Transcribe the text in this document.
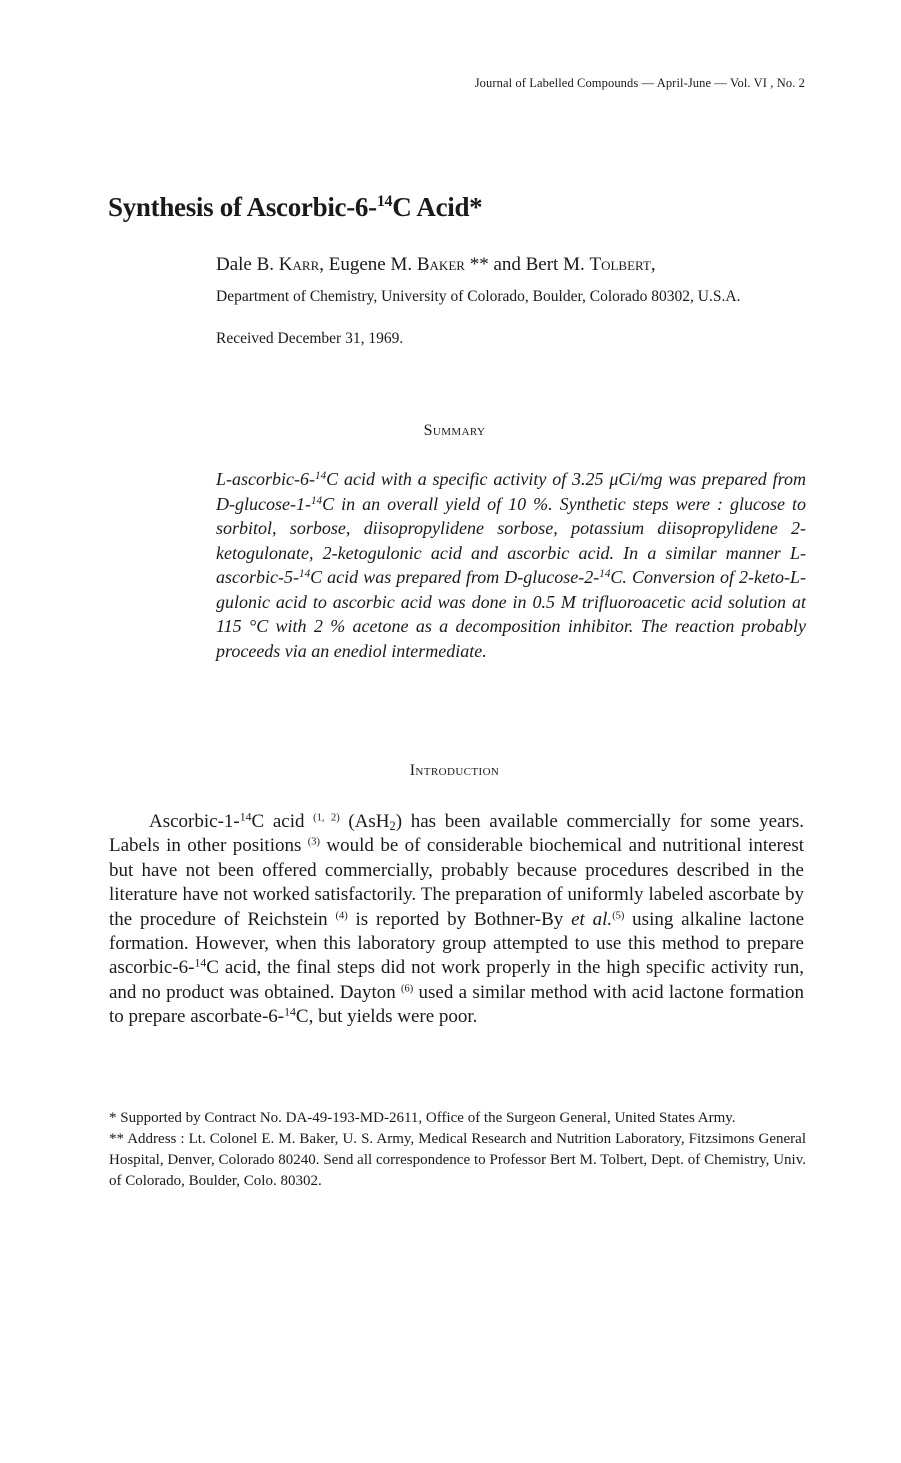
Journal of Labelled Compounds — April-June — Vol. VI , No. 2
Synthesis of Ascorbic-6-$^{14}$C Acid*
Dale B. Karr, Eugene M. Baker ** and Bert M. Tolbert,
Department of Chemistry, University of Colorado, Boulder, Colorado 80302, U.S.A.
Received December 31, 1969.
Summary

L-ascorbic-6-$^{14}$C acid with a specific activity of 3.25 μCi/mg was prepared from D-glucose-1-$^{14}$C in an overall yield of 10 %. Synthetic steps were : glucose to sorbitol, sorbose, diisopropylidene sorbose, potassium diisopropylidene 2-ketogulonate, 2-ketogulonic acid and ascorbic acid. In a similar manner L-ascorbic-5-$^{14}$C acid was prepared from D-glucose-2-$^{14}$C. Conversion of 2-keto-L-gulonic acid to ascorbic acid was done in 0.5 M trifluoroacetic acid solution at 115 °C with 2 % acetone as a decomposition inhibitor. The reaction probably proceeds via an enediol intermediate.

Introduction

Ascorbic-1-$^{14}$C acid $^{(1, 2)}$ (AsH$_2$) has been available commercially for some years. Labels in other positions $^{(3)}$ would be of considerable biochemical and nutritional interest but have not been offered commercially, probably because procedures described in the literature have not worked satisfactorily. The preparation of uniformly labeled ascorbate by the procedure of Reichstein $^{(4)}$ is reported by Bothner-By et al.$^{(5)}$ using alkaline lactone formation. However, when this laboratory group attempted to use this method to prepare ascorbic-6-$^{14}$C acid, the final steps did not work properly in the high specific activity run, and no product was obtained. Dayton $^{(6)}$ used a similar method with acid lactone formation to prepare ascorbate-6-$^{14}$C, but yields were poor.

* Supported by Contract No. DA-49-193-MD-2611, Office of the Surgeon General, United States Army.

** Address : Lt. Colonel E. M. Baker, U. S. Army, Medical Research and Nutrition Laboratory, Fitzsimons General Hospital, Denver, Colorado 80240. Send all correspondence to Professor Bert M. Tolbert, Dept. of Chemistry, Univ. of Colorado, Boulder, Colo. 80302.
